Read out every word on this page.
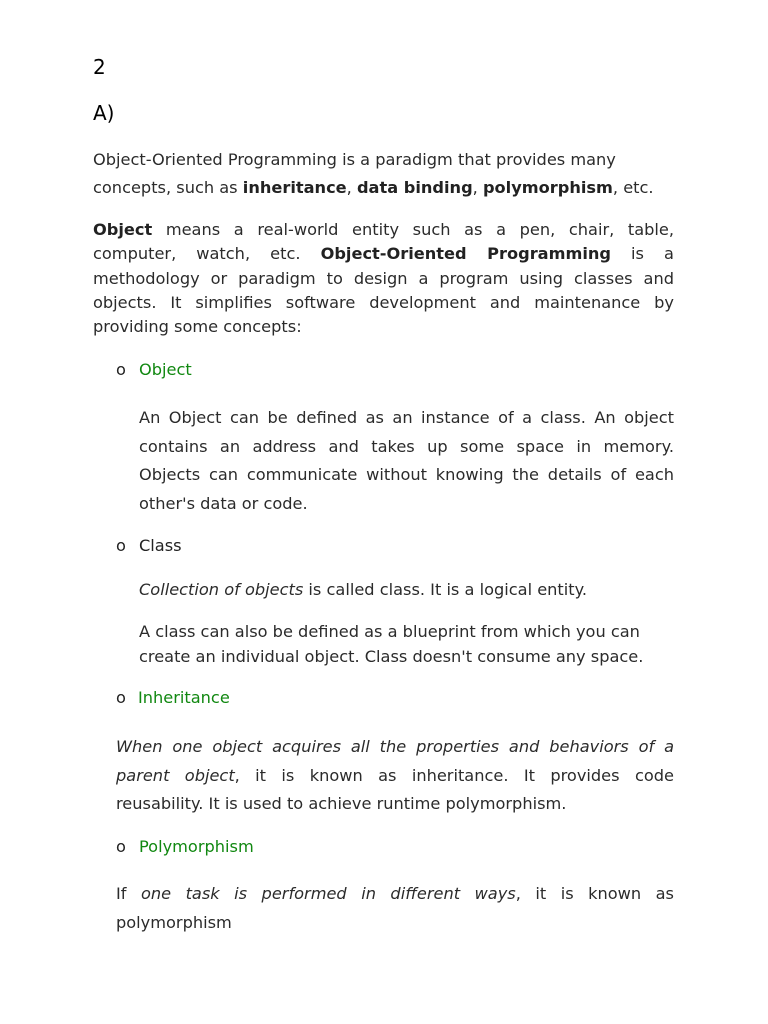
2
A)

Object-Oriented Programming is a paradigm that provides many concepts, such as inheritance, data binding, polymorphism, etc.

Object means a real-world entity such as a pen, chair, table, computer, watch, etc. Object-Oriented Programming is a methodology or paradigm to design a program using classes and objects. It simplifies software development and maintenance by providing some concepts:

o Object

An Object can be defined as an instance of a class. An object contains an address and takes up some space in memory. Objects can communicate without knowing the details of each other's data or code.

o Class

Collection of objects is called class. It is a logical entity.

A class can also be defined as a blueprint from which you can create an individual object. Class doesn't consume any space.

o Inheritance

When one object acquires all the properties and behaviors of a parent object, it is known as inheritance. It provides code reusability. It is used to achieve runtime polymorphism.

o Polymorphism

If one task is performed in different ways, it is known as polymorphism
